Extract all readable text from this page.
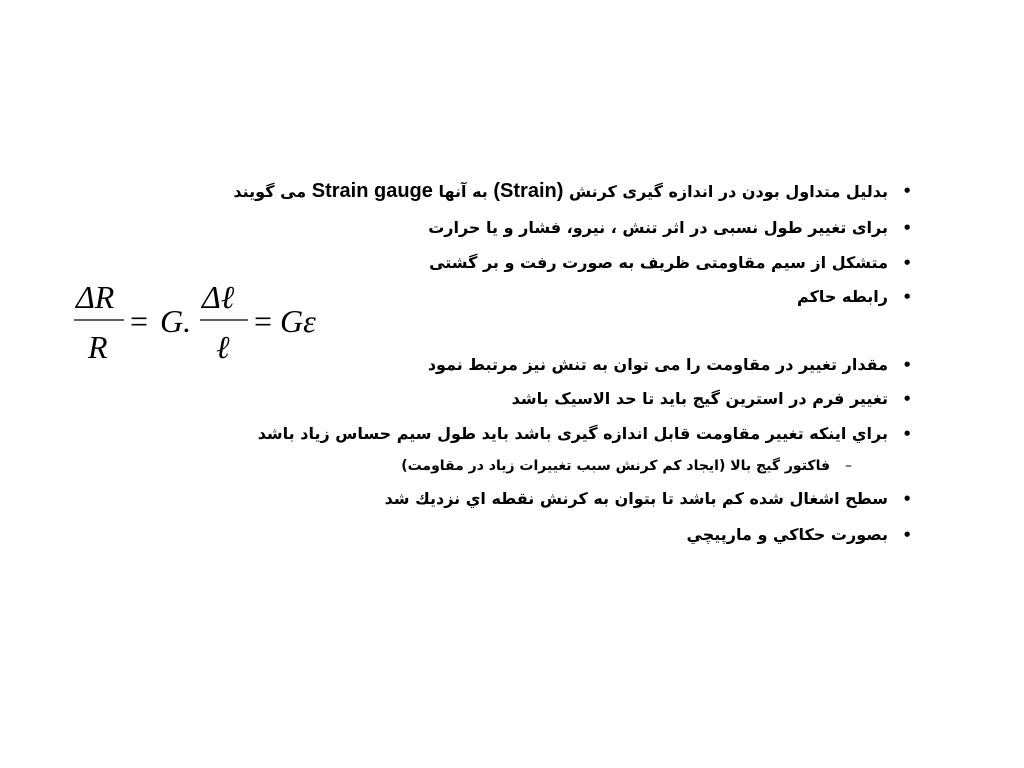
• بدلیل متداول بودن در اندازه گیری کرنش (Strain) به آنها Strain gauge می گویند
• برای تغییر طول نسبی در اثر تنش ، نیرو، فشار و یا حرارت
• متشکل از سیم مقاومتی ظریف به صورت رفت و بر گشتی
• رابطه حاکم
• مقدار تغییر در مقاومت را می توان به تنش نیز مرتبط نمود
• تغییر فرم در استرین گیج باید تا حد الاسیک باشد
• براي اینکه تغییر مقاومت قابل اندازه گیری باشد باید طول سیم حساس زیاد باشد
– فاکتور گیج بالا (ایجاد کم کرنش سبب تغییرات زیاد در مقاومت)
• سطح اشغال شده کم باشد تا بتوان به کرنش نقطه اي نزدیك شد
• بصورت حکاكي و مارپیچي
ΔR
R
= G.
Δℓ
ℓ
= Gε
